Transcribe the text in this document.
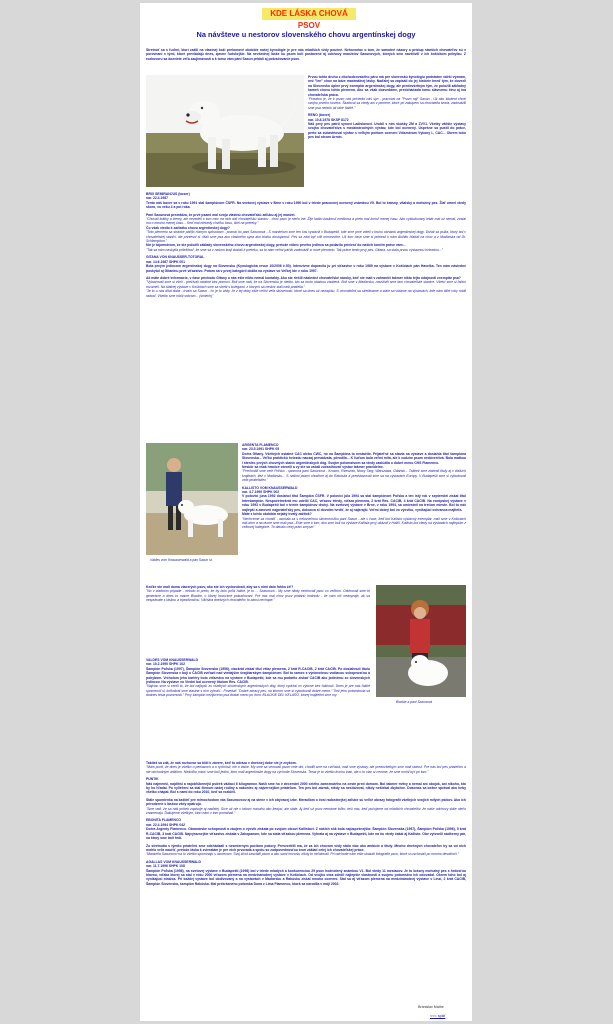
KDE LÁSKA CHOVÁ PSOV
Na návšteve u nestorov slovenského chovu argentínskej dogy
Stretnúť sa s ľuďmi, ktorí zažili na vlastnej koži prelomové obdobie našej kynológie je pre nás mladších vždy poučné. Nehovoriac o tom, že samotné názory a prístup starších chovateľov sú v porovnaní s tými, ktoré prevládajú dnes, zjavne ľudskejšie. Na nevšednej láske ku psom boli postavené aj odchovy manželov Saxunových, ktorých sme navštívili v ich košickom príbytku. Z rozhovoru sa dozviete veľa zaujímavostí a k tomu vám páni Saxun pridali aj pokračovanie psov.
Prvou tohto druhu z dôchodcovského páru má pre slovenskú kynológiu podstatne väčší význam, než "len" chov na báze maximálnej lásky. Naďalej sa zapísali do jej histórie hneď tým, že dovezli na Slovensko úplne prvý exemplár argentínskej dogy, ale predovšetkým tým, že položili základný kameň chovu tohto plemena. Ako sa však dozvedáme, predchádzala tomu slávnemu činu aj iná chovateľská práca.
"Pravdou je, že k psom nás priviedol náš syn - pracoval na "Psom raji" Saxun - Už ako študent chcel svojho prvého kovera. Študoval sa vtedy ani v pomere, ktoré pri zakúpení sa chovatelia tvoria, zadovážili sme psa nebolo až také ťažké."
RENO (boxer)
nar. 10.8.1978 SKSP 8172
Náš prvý pes patril synovi Ladislavovi. Urobil s ním skúšky ZM a ZVV1. Všetky väčšie výstavy svojho chovateľstva s medzinárodných výstav, kde bol ocenený. Úspešne sa pustil do práce, preto sa zúčastňoval výstav s veľkým počtom ocenení Víťazstvom Vykony I., CAC... Okrem toho pes bol otcom Armin.
BRIX SEMIRANJUS (boxer)
nar. 22.4.1987
Tento náš boxer sa v roku 1991 stal šampiónom ČSFR. Na svetovej výstave v Brne v roku 1990 bol v triede pracovnej ocenený známkou V5. Bol to krásny, vitalský a mohutný pes. Žiaľ umrel vtedy skoro, vo veku 4 a pol roka.
Pani Saxunová prezrádza, že prvé psami mal svoju vlastnú chovateľskú záľubu aj jej manžel.
"Chovali krátky a čierny, ale nevedeli o tom moc na nich dať chovateľskú stanicu - chov psov je niečo iné. Žije kadá vlastnosť medicína a preto mal korisť menej času. Ako vyštudovaný lekár mal už nemal, zostal mu o mnoho menej času... Keď mal niekedy chvíľku času, išiel na preteky."
Čo však viedlo k začiatku chovu argentínskej dogy?
"Toto plemeno sa stránke páčilo rôznym spôsobom - poznal ho pani Saxunová - S manželom sme ten čas vystavili v Budapešti, kde sme prvé videli v kruhu obrázok argentínskej dogy. Držali sa psíka, ktorý bol v chovateľskej stanici, ale priniesol si. Mali sme psa ako vlastného syna ako blízku dostupnosť. Pes sa zdal byť cítil mimovoľne. Už tom čase sme si priniesli k nám Akihito hľadať na chov a z Maďarska od Dr. Schlempfom."
Nie je tajomstvom, že ste položili základy slovenského chovu argentínskej dogy, pretože vôbec prvého jedinca sa podarilo priviesť do našich končín práve vám...
"Tak sa nám naskytla príležitosť, že sme sa v našom kraji dostali k preteku, sa to nám veľmi páčilo zadovážiť si nové plemeno. Tak práve tento prvý pes, Gitana, sa stala prvou výstavnou hviezdou..."
GITANA VON KNAUSSER-TOTORAL
nar. 14.6.1987 SHPK 001
Bola prvým jedincom argentínskej dogy na Slovensku (Kynologická revue 10/2006 č.50). Intenzívne dopravila ju pri víťazstve v roku 1989 na výstave v Košiciach pán Havelka. Ten nám následne poskytol aj Gitaninu prvé víťazstvo. Potom sa v prvej kategórii dožila na výstave vo Veľkej Ide v roku 1997.
Ak máte dobré informácie, v čase príchodu Gitany u nás ešte nikto nemal kontakty. Ako ste riešili následné chovateľské nároky, keď nie mali v zahraničí takmer nikto tejto údajnosti exemplár psa?
"Vybavovali sme si všeli - prežívali ostatné bez pomoci. Boli sme radi, že na Slovensku je niekto, kto sa touto otázkou zaoberá. Boli sme v Maďarsku, navštívili sme tam chovateľské stanice. Všetci sme si ľahko rozumeli. Na štátnej výstave v Košiciach sme sa stretli s kolegami, z ktorých sa neskôr stali naši priatelia."
"Je to u nás dlhá doba - trvalo sa Saxun - čo je tu vždy. Je z tej doby ešte veľmi veľa skúseností, ktoré sa dnes už nezapíšu. S chovateľmi sa stretávame a stále sa vídame na výstavách, kde nám dlhé roky robili radosť. Všetko sme robili srdcom... (smiech)"
Valdes vom Knausserwald a pán Saxun st.
ARGENTA FLAMENCO
nar. 23.5.1991 SHPK 05
Dcéra Gitany. Všetkých ostatné CAC alebo CWC, no na Šampióna to nestačilo. Prijateľné sa stavia na výstave a dosiahla titul šampióna Slovenska... Veľkú praktickú hviezdu naozaj prevádzala, pôrodila... K ľuďom bola veľmi milá, ale k cudzím psom nedôverčivá. Bola matkou i šteniec prvých chovných staníc argentínskych dôg. Svojim potomstvom sa vtedy zaslúžila o dobré meno CHS Flamenco.
Neskôr sa však hranice otvorili a vy ste sa začali zúčastňovať výstav takmer pravidelne.
"Prechodili sme celé Poľsko - spomína pani Saxunová - Krosno, Rzeszów, Nowy Targ, Warszawa, Gdańsk... Taktiež sme zbierali tituly aj v ďalších krajinách, tiež v Maďarsku... S našimi psami chodíme aj do Rakúska a predstavovali sme sa na výstavách Európy. V Budapešti sme si vybudovali veľa priateľstiev."
KALLISTO VOM KNAUSSERWALD
nar. 4.7.1990 SHPK 002
V polovici júna 1992 dosiahol titul Šampión ČSFR. V polovici júla 1994 sa stal šampiónom Poľska a ten istý rok v septembri získal titul Interšampión. Nespočetnekrát mu udelili CAC, víťazov triedy, víťaza plemena, 2 krát Res. CACIB, 4 krát CACIB. Na európskej výstave v roku 1993 v Budapešti bol v triede šampiónov druhý. Na svetovej výstave v Brne, v roku 1994, sa umiestnil na treťom mieste. Bol to náš najlepší a zároveň najpriateľský pes, dokonca si dovolím tvrdiť, že aj najkrajší. Veľmi dobrý bol vo výcviku, vynikajúci ochranca majiteľa.
Máte z tohto obdobia nejaký trvalý zážitok?
"Nechceme sa chváliť - usmiala sa s nekonečnou skromnosťou pani Saxun - ale v čase, keď bol Kallisto výstavný exemplár, mali sme v Košiciach náš dom a na dvore sme mali psa...Ešte sme o tom, ako sme boli na výstave Kallista prvý ukázať v Haliči. Kallisto bol vtedy na výstavách najlepším z celkovej kategórie. To dávalo celej práci zmysel."
Keďže ste mali doma viacerých psov, ako ste ich vychovávali, aby sa s nimi dalo ľahko žiť?
"No v žiadnom prípade - nebolo to preto, že by bolo príliš ťažké, je to ... Saxunová - My sme nikdy nechovali psov vo veľkom. Odchovali sme tri generácie a dnes to máme Blackie, o ktorej hovoríme pokračovaní. Pre nás mal chov psov pridanú hodnotu - že vám nič nedopraje, ak sa nesprávate s láskou a trpezlivosťou. Väčšina dnešných chovateľov to akosi nechápe."
Blackie a pani Saxunová
VALDES VOM KNAUSSERWALD
nar. 10.2.1990 SHPK 102
Šampión Poľska (1997), Šampión Slovenska (1996), viackrát získal titul víťaz plemena, 2 krát R-CACIB, 2 krát CACIB. Po dosiahnutí titulu Šampión Slovenska v boji o CACIB zvíťazil nad vtedajším švajčiarskym šampiónom. Bol to samec s výnimočnou vodiacou schopnosťou a pohybom. Vrcholom jeho kariéry bolo víťazstvo na výstave v Budapešti, kde sa mu podarilo získať CACIB ako jedinému zo slovenských jedincov. Na výstave vo Viedni bol ocenený titulom Res. CACIB.
"Najviac sme si cenili to, že bol najlepší zo všetkých slovenských argentínskych dôg, ktorý vydržal vo výkone bez ťažkostí. Dnes je pre nás ťažké spomenúť si, koľkokrát sme vlastne s ním vyhrali... Povedať: "Dobré zdravý pes, na ktorom sme si vybudovali dobré meno." Tiež jeho potomkovia sa dodnes tešia pozornosti." Prvý šampión nežijúceho psa dostal meno po ňom: BLACKIE DEL KELARO, ktorej majiteľmi sme my.
Taktiež sa zdá, že náš rozhovor sa blíži k závere, keď to odrazu v dnešnej dobe nie je zvykom.
"Mám pocit, že dnes je všetko o peniazoch a o rýchlosti, nie o láske. My sme sa venovali psom celé dni, chodili sme na cvičiská, mali sme výstavy, ale predovšetkým sme mali radosť. Pre nás bol pes priateľom a nie obchodným artiklom. Niekoľko rokov sme boli jediní, ktorí mali argentínske dogy na východe Slovenska. Teraz je to všetko trochu inak, ale o to viac si ceníme, že sme mohli byť pri tom."
PUNTIK
Náš najmenší, najdlhší a najobľúbenejší psíček vážiaci 6 kilogramov. Našli sme ho v decembri 2000 celého zamrznutého na ceste pred domom. Bol takmer mŕtvy a nemal ani obojok, ani nikoho, kto by ho hľadal. Po vyliečení sa stal členom našej rodiny a nakoniec aj najvernejším priateľom. Ten pes bol zázrak, nikdy sa nesťažoval, nikdy neštekal zbytočne. Dokonca sa bežne správal ako keby všetko chápal. Bol s nami do roku 2010, keď sa rozlúčil.
Stále spomienka na kaštieľ pre mimochodom vás Saxunovcov aj na stene v ich obývacej izbe. Meradlom o čosi radostnejšej záľube sú veľké obrazy fotografií všetkých svojich milých psíkov. Ako ich prirodzene s láskou vždy opatrujú.
"Sme radi, že sa náš príbeh zapisuje aj naďalej. Síce už nie v takom rozsahu ako kedysi, ale stále. Aj keď už psov nemáme toľko, teší nás, keď počujeme od mladších chovateľov, že naše odchovy stále niečo znamenajú. Ďakujeme všetkým, ktorí nám v tom pomáhali."
EBONITA FLAMENCO
nar. 22.4.1994 SHPK 042
Dcéra Argenty Flamenco. Obranárske schopnosti a záujem o výcvik získala po svojom otcovi Kallistovi. Z našich sôk bola najúspešnejšia: Šampión Slovenska (1997), Šampión Poľska (1996), 5 krát R-CACIB, 3 krát CACIB. Najvýraznejšie víťazstvo získala v Zakopanom, kde sa stala víťazkou plemena. Vyhrala aj na výstave v Budapešti, kde na ňu vtedy čakal aj Kallisto. Obe vytvorili nádherný pár, na ktorý sme boli hrdí.
Zo stretnutia s týmito priateľmi sme odchádzali s nesmiernym pocitom pokory. Presvedčili ma, že za ich chovom vždy stálo viac ako ambície a tituly. Mnoho dnešných chovateľov by sa od nich mohlo veľa naučiť, pretože láska k zvieratám je pre nich prvoradá a spolu so zodpovednosťou tvorí základ celej ich chovateľskej práce.
"Manželia Saxunovci na to všetko spomínajú s úsmevom. Svoj život zasvätili psom a ako sami hovoria, nikdy to neľutovali. Pri odchode nám ešte ukázali fotografie psov, ktoré si uschovali po mnoho desaťročí."
AGALLAS VOM KNAUSSERWALD
nar. 11.7.1996 SHPK 108
Šampión Poľska (1998), na svetovej výstave v Budapešti (1996) bol v triede mladých a konkurenciou 29 psov hodnotený známkou V1. Bol vtedy 11 mesiacov. Je to krásny mohutný pes s hrdosťou hlavou, vďaka ktorej sa stal v roku 2000 víťazom plemena na medzinárodnej výstave v Košiciach. Od svojho otca zdedil najlepšie vlastnosti a svojmu potomstvu ich odovzdal. Okrem toho bol aj vynikajúci strážca. Pri každej výstave bol obdivovaný a na výstavách v Maďarsku a Rakúsku získal mnoho ocenení. Stal sa aj víťazom plemena na medzinárodnej výstave v Linzi, 2 krát CACIB, Šampión Slovenska, šampión Rakúska. Mal prekrásneho potomka Dona z Lima Flamenco, ktorá sa narodila v máji 2002.
Branislav Mathe
<<< späť
